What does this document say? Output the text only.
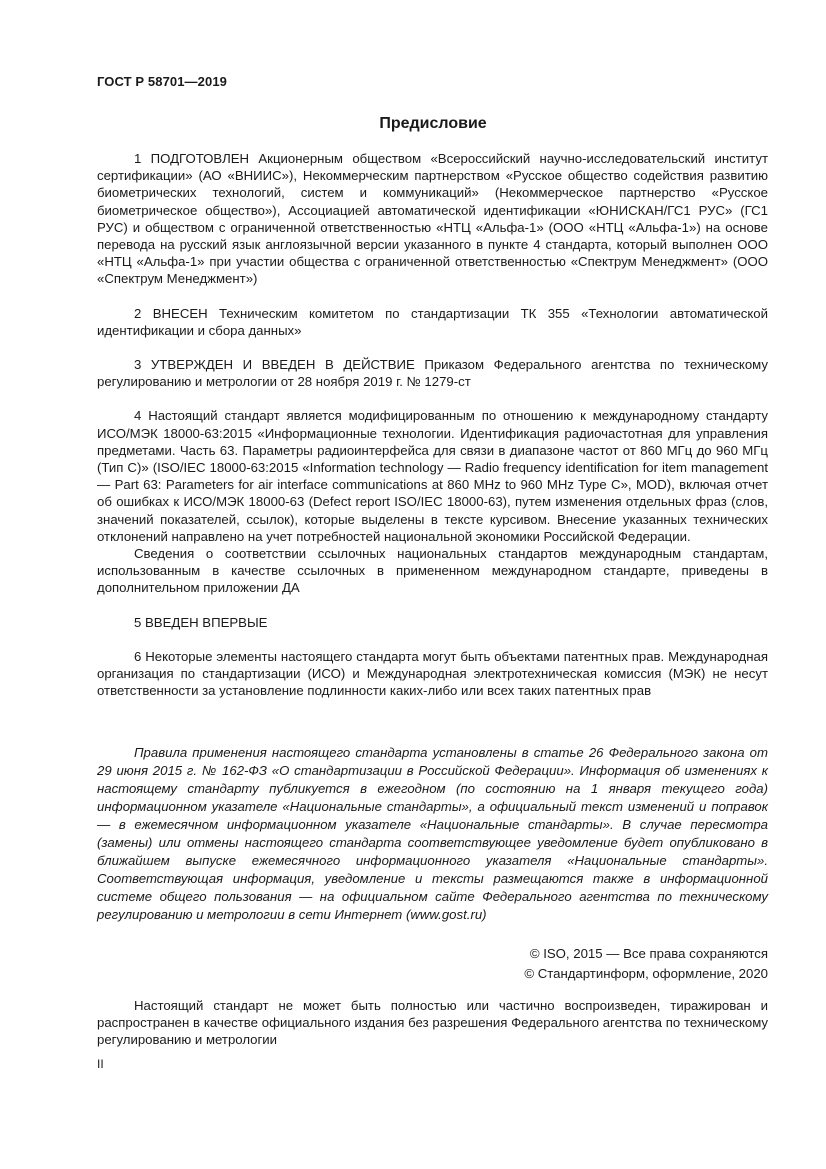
ГОСТ Р 58701—2019
Предисловие

1 ПОДГОТОВЛЕН Акционерным обществом «Всероссийский научно-исследовательский институт сертификации» (АО «ВНИИС»), Некоммерческим партнерством «Русское общество содействия развитию биометрических технологий, систем и коммуникаций» (Некоммерческое партнерство «Русское биометрическое общество»), Ассоциацией автоматической идентификации «ЮНИСКАН/ГС1 РУС» (ГС1 РУС) и обществом с ограниченной ответственностью «НТЦ «Альфа-1» (ООО «НТЦ «Альфа-1») на основе перевода на русский язык англоязычной версии указанного в пункте 4 стандарта, который выполнен ООО «НТЦ «Альфа-1» при участии общества с ограниченной ответственностью «Спектрум Менеджмент» (ООО «Спектрум Менеджмент»)

2 ВНЕСЕН Техническим комитетом по стандартизации ТК 355 «Технологии автоматической идентификации и сбора данных»

3 УТВЕРЖДЕН И ВВЕДЕН В ДЕЙСТВИЕ Приказом Федерального агентства по техническому регулированию и метрологии от 28 ноября 2019 г. № 1279-ст

4 Настоящий стандарт является модифицированным по отношению к международному стандарту ИСО/МЭК 18000-63:2015 «Информационные технологии. Идентификация радиочастотная для управления предметами. Часть 63. Параметры радиоинтерфейса для связи в диапазоне частот от 860 МГц до 960 МГц (Тип С)» (ISO/IEC 18000-63:2015 «Information technology — Radio frequency identification for item management — Part 63: Parameters for air interface communications at 860 MHz to 960 MHz Type C», MOD), включая отчет об ошибках к ИСО/МЭК 18000-63 (Defect report ISO/IEC 18000-63), путем изменения отдельных фраз (слов, значений показателей, ссылок), которые выделены в тексте курсивом. Внесение указанных технических отклонений направлено на учет потребностей национальной экономики Российской Федерации.

Сведения о соответствии ссылочных национальных стандартов международным стандартам, использованным в качестве ссылочных в примененном международном стандарте, приведены в дополнительном приложении ДА

5 ВВЕДЕН ВПЕРВЫЕ

6 Некоторые элементы настоящего стандарта могут быть объектами патентных прав. Международная организация по стандартизации (ИСО) и Международная электротехническая комиссия (МЭК) не несут ответственности за установление подлинности каких-либо или всех таких патентных прав

Правила применения настоящего стандарта установлены в статье 26 Федерального закона от 29 июня 2015 г. № 162-ФЗ «О стандартизации в Российской Федерации». Информация об изменениях к настоящему стандарту публикуется в ежегодном (по состоянию на 1 января текущего года) информационном указателе «Национальные стандарты», а официальный текст изменений и поправок — в ежемесячном информационном указателе «Национальные стандарты». В случае пересмотра (замены) или отмены настоящего стандарта соответствующее уведомление будет опубликовано в ближайшем выпуске ежемесячного информационного указателя «Национальные стандарты». Соответствующая информация, уведомление и тексты размещаются также в информационной системе общего пользования — на официальном сайте Федерального агентства по техническому регулированию и метрологии в сети Интернет (www.gost.ru)

© ISO, 2015 — Все права сохраняются
© Стандартинформ, оформление, 2020

Настоящий стандарт не может быть полностью или частично воспроизведен, тиражирован и распространен в качестве официального издания без разрешения Федерального агентства по техническому регулированию и метрологии

II
